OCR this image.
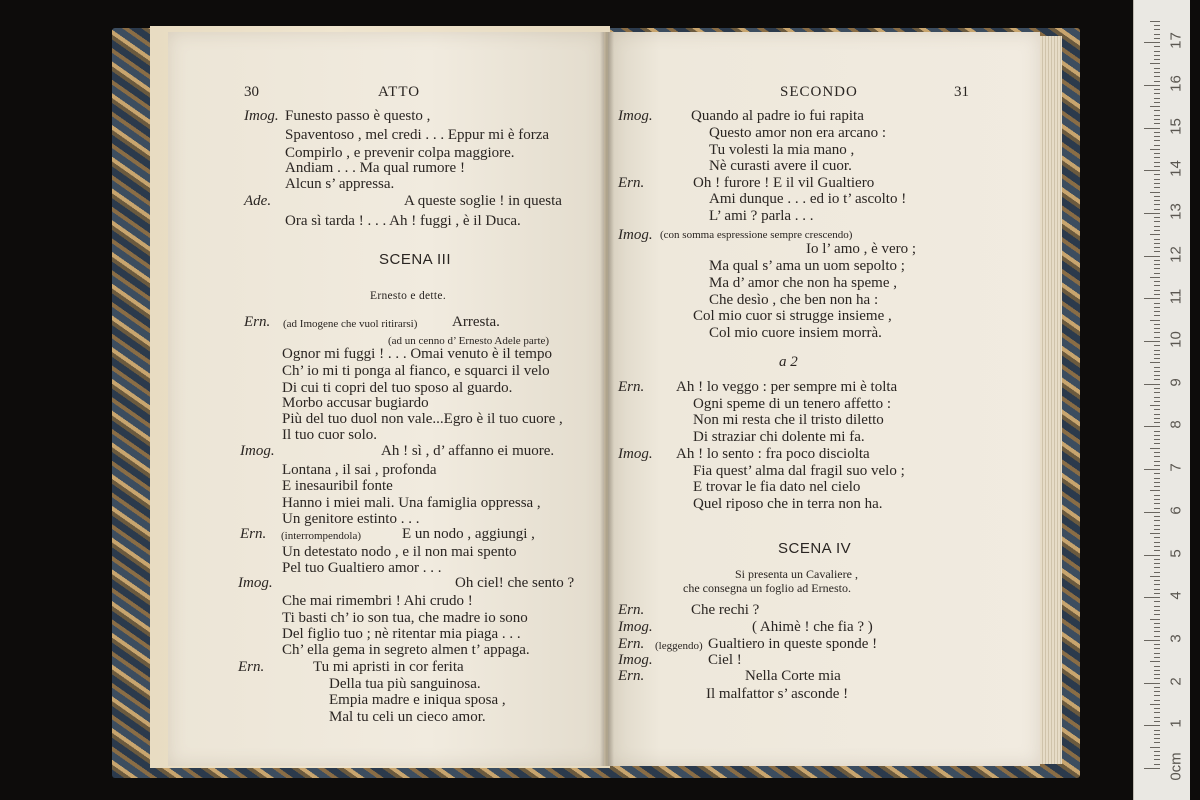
30	ATTO
Imog. Funesto passo è questo ,
Spaventoso , mel credi . . . Eppur mi è forza
Compirlo , e prevenir colpa maggiore.
Andiam . . . Ma qual rumore !
Alcun s’ appressa.
Ade.	A queste soglie ! in questa
Ora sì tarda ! . . . Ah ! fuggi , è il Duca.
SCENA III
Ernesto e dette.
Ern. (ad Imogene che vuol ritirarsi) Arresta.
(ad un cenno d’ Ernesto Adele parte)
Ognor mi fuggi ! . . . Omai venuto è il tempo
Ch’ io mi ti ponga al fianco, e squarci il velo
Di cui ti copri del tuo sposo al guardo.
Morbo accusar bugiardo
Più del tuo duol non vale...Egro è il tuo cuore ,
Il tuo cuor solo.
Imog.	Ah ! sì , d’ affanno ei muore.
Lontana , il sai , profonda
E inesauribil fonte
Hanno i miei mali. Una famiglia oppressa ,
Un genitore estinto . . .
Ern. (interrompendola)	E un nodo , aggiungi ,
Un detestato nodo , e il non mai spento
Pel tuo Gualtiero amor . . .
Imog.	Oh ciel! che sento ?
Che mai rimembri ! Ahi crudo !
Ti basti ch’ io son tua, che madre io sono
Del figlio tuo ; nè ritentar mia piaga . . .
Ch’ ella gema in segreto almen t’ appaga.
Ern.	Tu mi apristi in cor ferita
Della tua più sanguinosa.
Empia madre e iniqua sposa ,
Mal tu celi un cieco amor.
SECONDO	31
Imog.	Quando al padre io fui rapita
Questo amor non era arcano :
Tu volesti la mia mano ,
Nè curasti avere il cuor.
Ern.	Oh ! furore ! E il vil Gualtiero
Ami dunque . . . ed io t’ ascolto !
L’ ami ? parla . . .
Imog. (con somma espressione sempre crescendo)
Io l’ amo , è vero ;
Ma qual s’ ama un uom sepolto ;
Ma d’ amor che non ha speme ,
Che desìo , che ben non ha :
Col mio cuor si strugge insieme ,
Col mio cuore insiem morrà.
a 2
Ern. Ah ! lo veggo : per sempre mi è tolta
Ogni speme di un tenero affetto :
Non mi resta che il tristo diletto
Di straziar chi dolente mi fa.
Imog. Ah ! lo sento : fra poco disciolta
Fia quest’ alma dal fragil suo velo ;
E trovar le fia dato nel cielo
Quel riposo che in terra non ha.
SCENA IV
Si presenta un Cavaliere ,
che consegna un foglio ad Ernesto.
Ern.	Che rechi ?
Imog.	( Ahimè ! che fia ? )
Ern. (leggendo) Gualtiero in queste sponde !
Imog.	Ciel !
Ern.	Nella Corte mia
Il malfattor s’ asconde !
0cm
1
2
3
4
5
6
7
8
9
10
11
12
13
14
15
16
17
